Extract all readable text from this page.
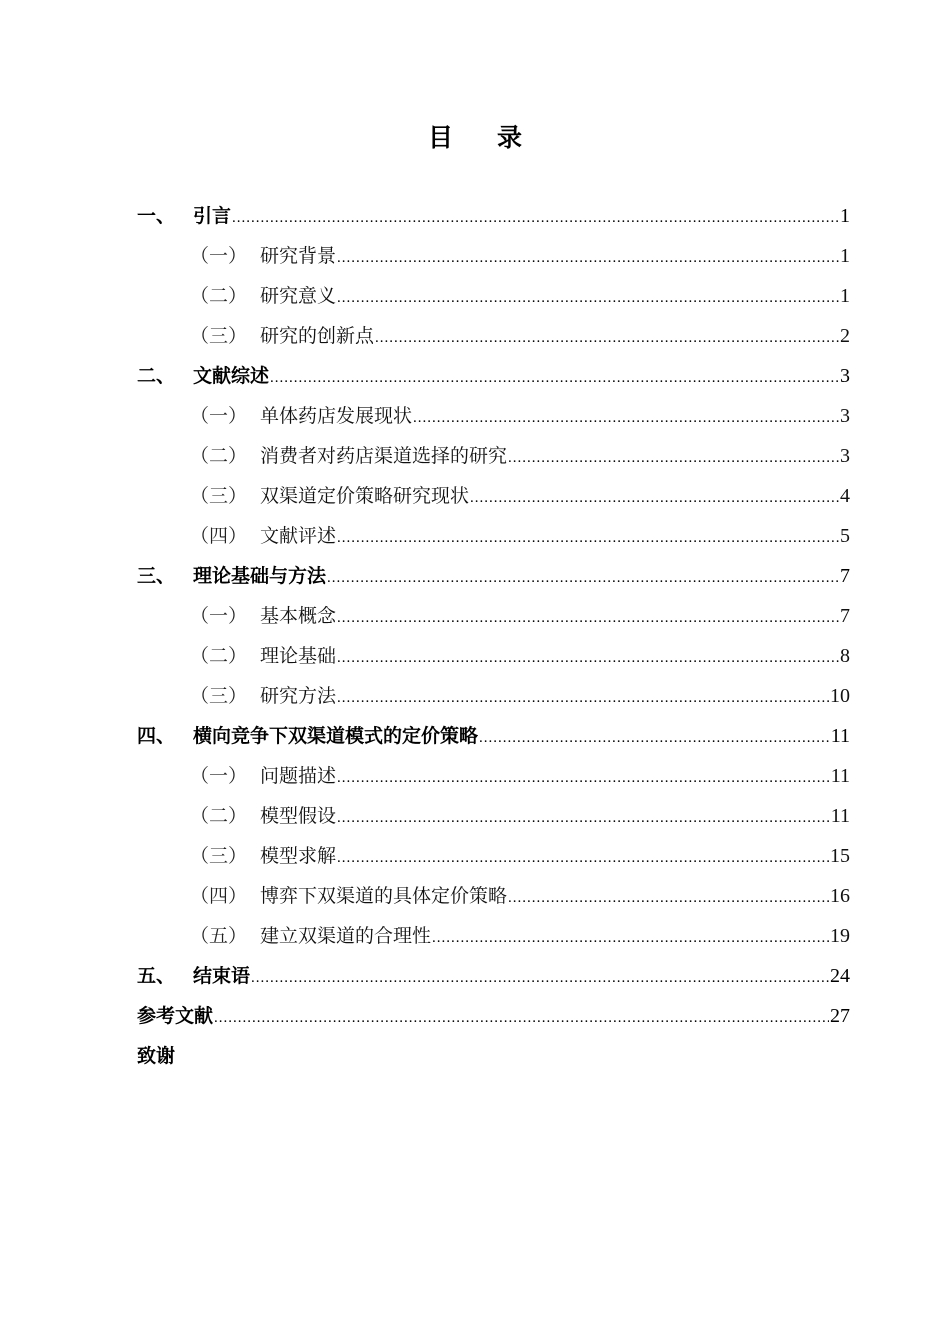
目 录
一、 引言 .....	1
（一） 研究背景 .....	1
（二） 研究意义 .....	1
（三） 研究的创新点 .....	2
二、 文献综述 .....	3
（一） 单体药店发展现状 .....	3
（二） 消费者对药店渠道选择的研究 .....	3
（三） 双渠道定价策略研究现状 .....	4
（四） 文献评述 .....	5
三、 理论基础与方法 .....	7
（一） 基本概念 .....	7
（二） 理论基础 .....	8
（三） 研究方法 .....	10
四、 横向竞争下双渠道模式的定价策略 .....	11
（一） 问题描述 .....	11
（二） 模型假设 .....	11
（三） 模型求解 .....	15
（四） 博弈下双渠道的具体定价策略 .....	16
（五） 建立双渠道的合理性 .....	19
五、 结束语 .....	24
参考文献 .....	27
致谢
